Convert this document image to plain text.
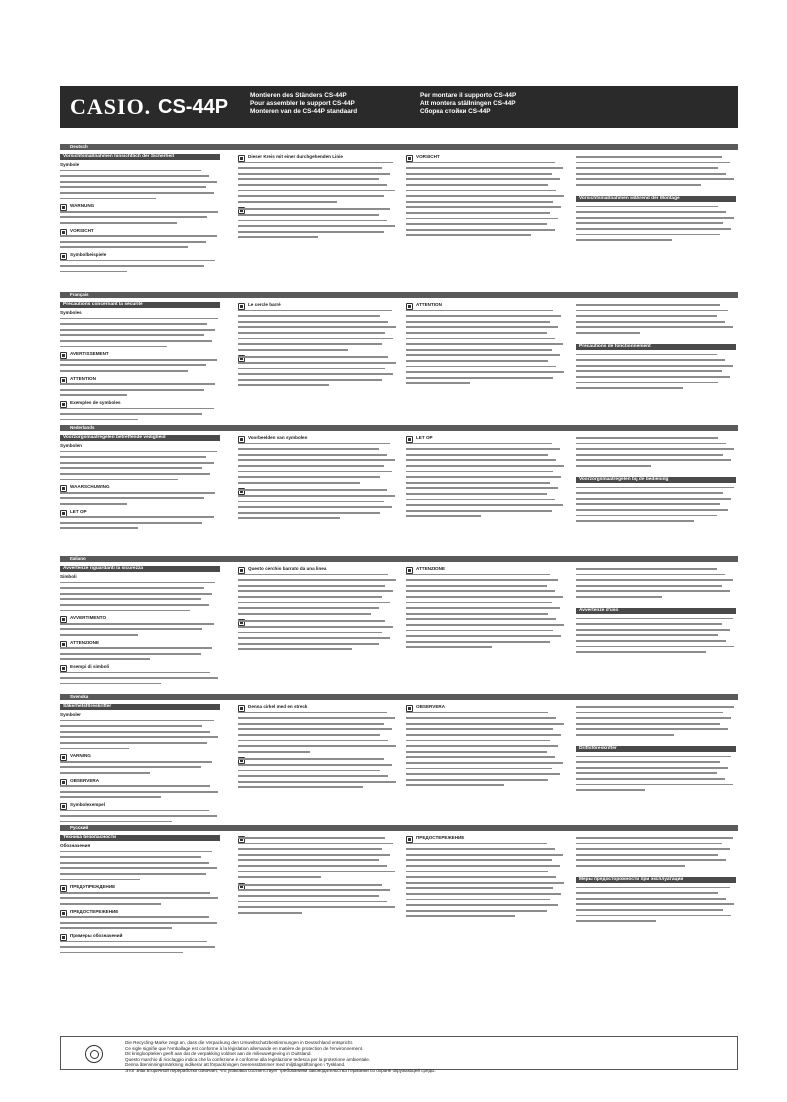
CASIO. CS-44P
Montieren des Ständers CS-44P
Pour assembler le support CS-44P
Monteren van de CS-44P standaard
Per montare il supporto CS-44P
Att montera ställningen CS-44P
Сборка стойки CS-44P
Deutsch
Vorsichtsmaßnahmen hinsichtlich der Sicherheit
Symbole
WARNUNG
VORSICHT
Symbolbeispiele
Dieser Kreis mit einer durchgehenden Linie	VORSICHT
Vorsichtsmaßnahmen während der Montage
Français
Précautions concernant la sécurité
Symboles
AVERTISSEMENT
ATTENTION
Exemples de symboles
Le cercle barré	ATTENTION
Précautions de fonctionnement
Nederlands
Voorzorgsmaatregelen betreffende veiligheid
Symbolen
WAARSCHUWING
LET OP
Voorbeelden van symbolen	LET OP
Voorzorgsmaatregelen bij de bediening
Italiano
Avvertenze riguardanti la sicurezza
Simboli
AVVERTIMENTO
ATTENZIONE
Esempi di simboli
Questo cerchio barrato da una linea	ATTENZIONE
Avvertenze d'uso
Svenska
Säkerhetsföreskrifter
Symboler
VARNING
OBSERVERA
Symbolexempel
Denna cirkel med en streck	OBSERVERA
Driftsföreskrifter
Русский
Техника безопасности
Обозначения
ПРЕДУПРЕЖДЕНИЕ
ПРЕДОСТЕРЕЖЕНИЕ
Примеры обозначений
ПРЕДОСТЕРЕЖЕНИЕ
Меры предосторожности при эксплуатации
Die Recycling-Marke zeigt an, dass die Verpackung den Umweltschutzbestimmungen in Deutschland entspricht.
Ce sigle signifie que l'emballage est conforme à la législation allemande en matière de protection de l'environnement.
Dit kringloopteken geeft aan dat de verpakking voldoet aan de milieuwetgeving in Duitsland.
Questo marchio di riciclaggio indica che la confezione è conforme alla legislazione tedesca per la protezione ambientale.
Denna återvinningsmärkning indikerar att förpackningen överensstämmer med miljölagstiftningen i Tyskland.
Этот знак вторичной переработки означает, что упаковка соответствует требованиям законодательства Германии по охране окружающей среды.
